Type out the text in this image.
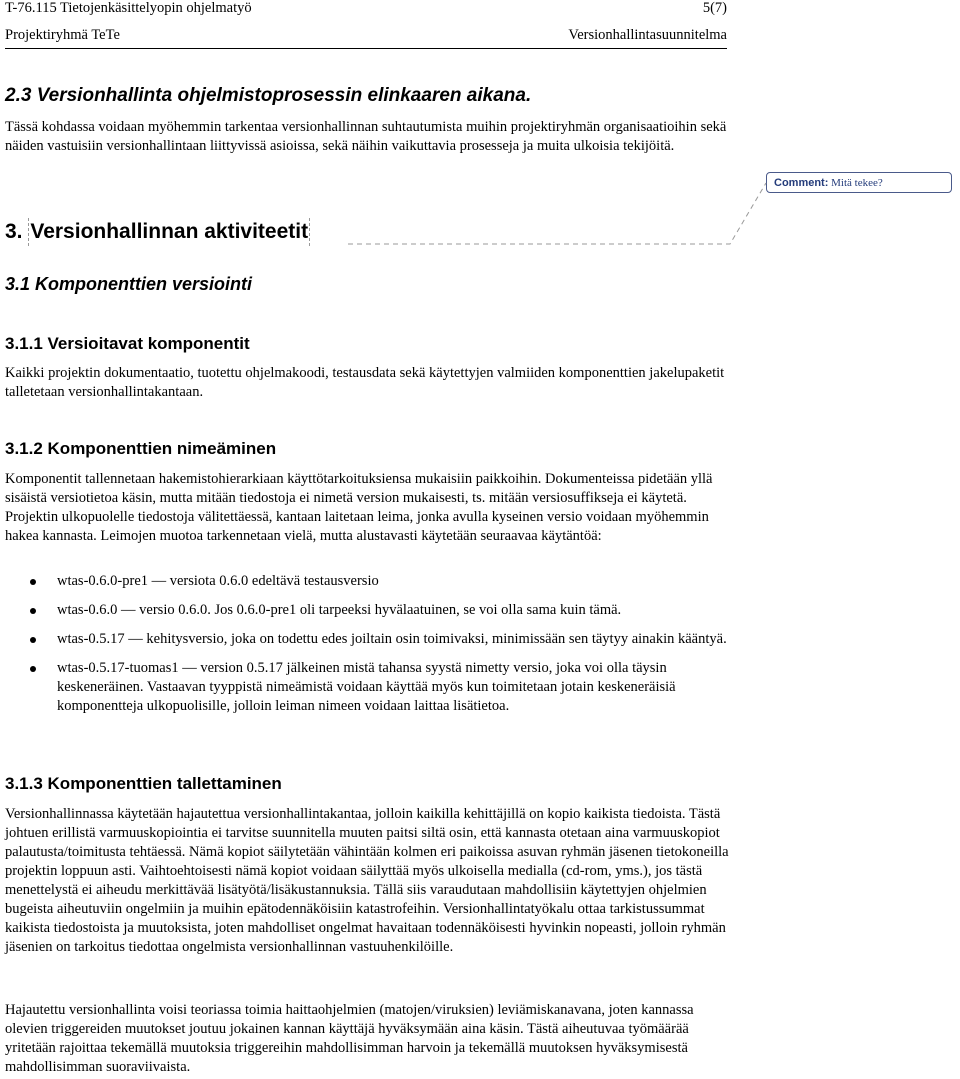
T-76.115 Tietojenkäsittelyopin ohjelmatyö	5(7)
Projektiryhmä TeTe	Versionhallintasuunnitelma
2.3 Versionhallinta ohjelmistoprosessin elinkaaren aikana.

Tässä kohdassa voidaan myöhemmin tarkentaa versionhallinnan suhtautumista muihin projektiryhmän organisaatioihin sekä näiden vastuisiin versionhallintaan liittyvissä asioissa, sekä näihin vaikuttavia prosesseja ja muita ulkoisia tekijöitä.

Comment: Mitä tekee?
3. Versionhallinnan aktiviteetit
3.1 Komponenttien versiointi
3.1.1 Versioitavat komponentit

Kaikki projektin dokumentaatio, tuotettu ohjelmakoodi, testausdata sekä käytettyjen valmiiden komponenttien jakelupaketit talletetaan versionhallintakantaan.

3.1.2 Komponenttien nimeäminen

Komponentit tallennetaan hakemistohierarkiaan käyttötarkoituksiensa mukaisiin paikkoihin. Dokumenteissa pidetään yllä sisäistä versiotietoa käsin, mutta mitään tiedostoja ei nimetä version mukaisesti, ts. mitään versiosuffikseja ei käytetä. Projektin ulkopuolelle tiedostoja välitettäessä, kantaan laitetaan leima, jonka avulla kyseinen versio voidaan myöhemmin hakea kannasta. Leimojen muotoa tarkennetaan vielä, mutta alustavasti käytetään seuraavaa käytäntöä:

wtas-0.6.0-pre1 — versiota 0.6.0 edeltävä testausversio
wtas-0.6.0 — versio 0.6.0. Jos 0.6.0-pre1 oli tarpeeksi hyvälaatuinen, se voi olla sama kuin tämä.
wtas-0.5.17 — kehitysversio, joka on todettu edes joiltain osin toimivaksi, minimissään sen täytyy ainakin kääntyä.
wtas-0.5.17-tuomas1 — version 0.5.17 jälkeinen mistä tahansa syystä nimetty versio, joka voi olla täysin keskeneräinen. Vastaavan tyyppistä nimeämistä voidaan käyttää myös kun toimitetaan jotain keskeneräisiä komponentteja ulkopuolisille, jolloin leiman nimeen voidaan laittaa lisätietoa.
3.1.3 Komponenttien tallettaminen

Versionhallinnassa käytetään hajautettua versionhallintakantaa, jolloin kaikilla kehittäjillä on kopio kaikista tiedoista. Tästä johtuen erillistä varmuuskopiointia ei tarvitse suunnitella muuten paitsi siltä osin, että kannasta otetaan aina varmuuskopiot palautusta/toimitusta tehtäessä. Nämä kopiot säilytetään vähintään kolmen eri paikoissa asuvan ryhmän jäsenen tietokoneilla projektin loppuun asti. Vaihtoehtoisesti nämä kopiot voidaan säilyttää myös ulkoisella medialla (cd-rom, yms.), jos tästä menettelystä ei aiheudu merkittävää lisätyötä/lisäkustannuksia. Tällä siis varaudutaan mahdollisiin käytettyjen ohjelmien bugeista aiheutuviin ongelmiin ja muihin epätodennäköisiin katastrofeihin. Versionhallintatyökalu ottaa tarkistussummat kaikista tiedostoista ja muutoksista, joten mahdolliset ongelmat havaitaan todennäköisesti hyvinkin nopeasti, jolloin ryhmän jäsenien on tarkoitus tiedottaa ongelmista versionhallinnan vastuuhenkilöille.

Hajautettu versionhallinta voisi teoriassa toimia haittaohjelmien (matojen/viruksien) leviämiskanavana, joten kannassa olevien triggereiden muutokset joutuu jokainen kannan käyttäjä hyväksymään aina käsin. Tästä aiheutuvaa työmäärää yritetään rajoittaa tekemällä muutoksia triggereihin mahdollisimman harvoin ja tekemällä muutoksen hyväksymisestä mahdollisimman suoraviivaista.
